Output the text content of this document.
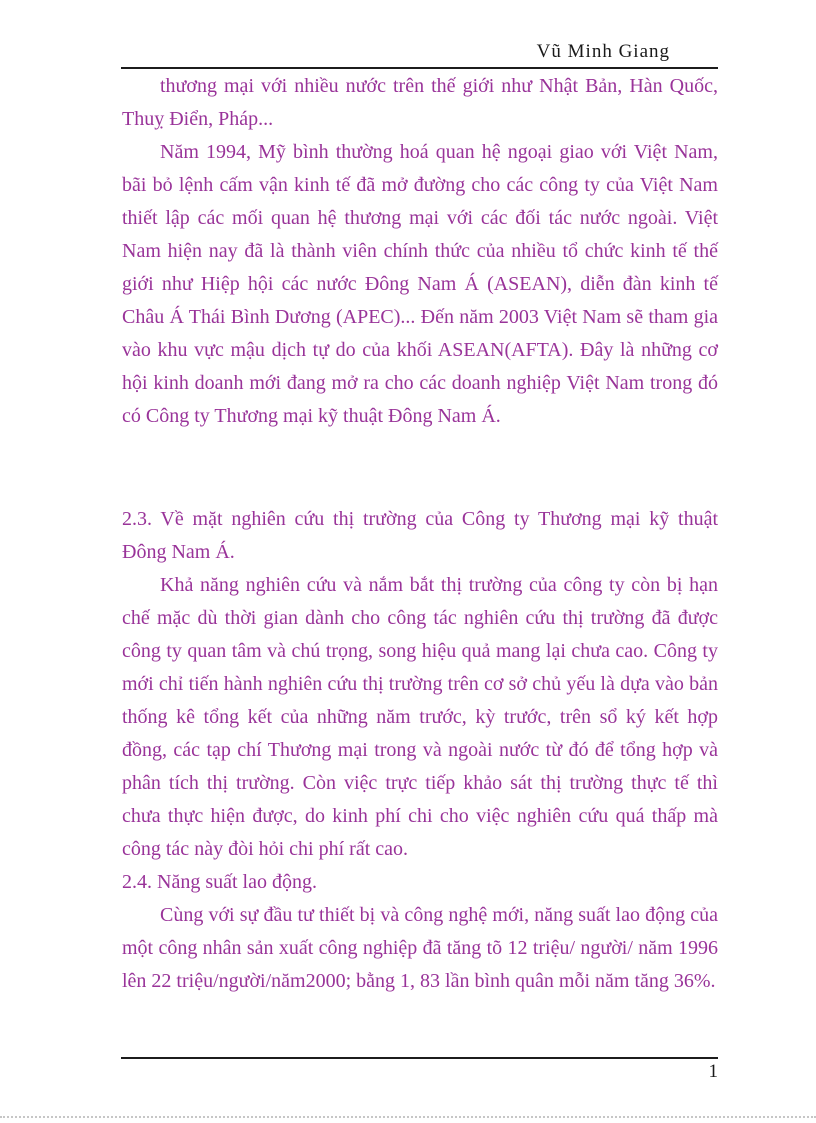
Vũ Minh Giang

thương mại với nhiều nước trên thế giới như Nhật Bản, Hàn Quốc, Thuỵ Điển, Pháp...

Năm 1994, Mỹ bình thường hoá quan hệ ngoại giao với Việt Nam, bãi bỏ lệnh cấm vận kinh tế đã mở đường cho các công ty của Việt Nam thiết lập các mối quan hệ thương mại với các đối tác nước ngoài. Việt Nam hiện nay đã là thành viên chính thức của nhiều tổ chức kinh tế thế giới như Hiệp hội các nước Đông Nam Á (ASEAN), diễn đàn kinh tế Châu Á Thái Bình Dương (APEC)... Đến năm 2003 Việt Nam sẽ tham gia vào khu vực mậu dịch tự do của khối ASEAN(AFTA). Đây là những cơ hội kinh doanh mới đang mở ra cho các doanh nghiệp Việt Nam trong đó có Công ty Thương mại kỹ thuật Đông Nam Á.

2.3. Về mặt nghiên cứu thị trường của Công ty Thương mại kỹ thuật Đông Nam Á.

Khả năng nghiên cứu và nắm bắt thị trường của công ty còn bị hạn chế mặc dù thời gian dành cho công tác nghiên cứu thị trường đã được công ty quan tâm và chú trọng, song hiệu quả mang lại chưa cao. Công ty mới chỉ tiến hành nghiên cứu thị trường trên cơ sở chủ yếu là dựa vào bản thống kê tổng kết của những năm trước, kỳ trước, trên sổ ký kết hợp đồng, các tạp chí Thương mại trong và ngoài nước từ đó để tổng hợp và phân tích thị trường. Còn việc trực tiếp khảo sát thị trường thực tế thì chưa thực hiện được, do kinh phí chi cho việc nghiên cứu quá thấp mà công tác này đòi hỏi chi phí rất cao.

2.4. Năng suất lao động.

Cùng với sự đầu tư thiết bị và công nghệ mới, năng suất lao động của một công nhân sản xuất công nghiệp đã tăng tõ 12 triệu/ người/ năm 1996 lên 22 triệu/người/năm2000; bằng 1, 83 lần bình quân mỗi năm tăng 36%.

1
